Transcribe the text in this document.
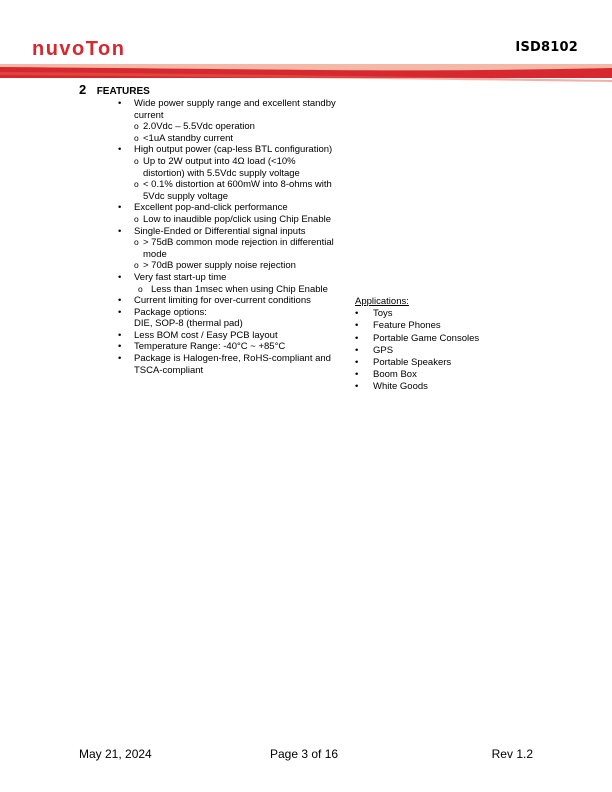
nuvoTon	ISD8102
2 FEATURES
• Wide power supply range and excellent standby current
o 2.0Vdc – 5.5Vdc operation
o <1uA standby current
• High output power (cap-less BTL configuration)
o Up to 2W output into 4Ω load (<10% distortion) with 5.5Vdc supply voltage
o < 0.1% distortion at 600mW into 8-ohms with 5Vdc supply voltage
• Excellent pop-and-click performance
o Low to inaudible pop/click using Chip Enable
• Single-Ended or Differential signal inputs
o > 75dB common mode rejection in differential mode
o > 70dB power supply noise rejection
• Very fast start-up time
o Less than 1msec when using Chip Enable
• Current limiting for over-current conditions
• Package options:
DIE, SOP-8 (thermal pad)
• Less BOM cost / Easy PCB layout
• Temperature Range: -40°C ~ +85°C
• Package is Halogen-free, RoHS-compliant and TSCA-compliant
Applications:
• Toys
• Feature Phones
• Portable Game Consoles
• GPS
• Portable Speakers
• Boom Box
• White Goods
May 21, 2024	Page 3 of 16	Rev 1.2
